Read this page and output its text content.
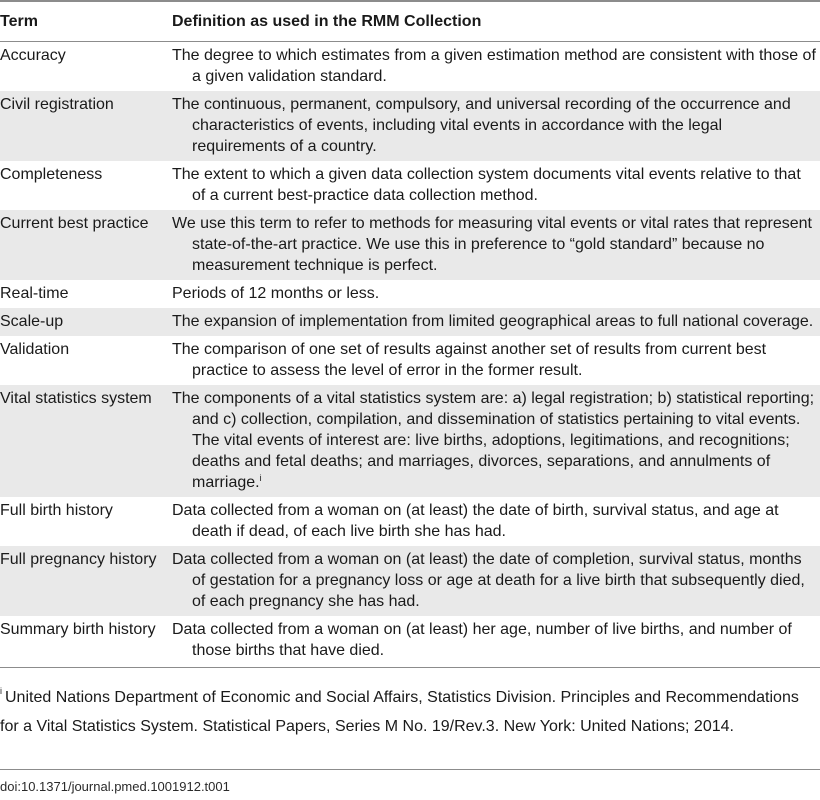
Term	Definition as used in the RMM Collection
Accuracy	The degree to which estimates from a given estimation method are consistent with those of a given validation standard.
Civil registration	The continuous, permanent, compulsory, and universal recording of the occurrence and characteristics of events, including vital events in accordance with the legal requirements of a country.
Completeness	The extent to which a given data collection system documents vital events relative to that of a current best-practice data collection method.
Current best practice	We use this term to refer to methods for measuring vital events or vital rates that represent state-of-the-art practice. We use this in preference to “gold standard” because no measurement technique is perfect.
Real-time	Periods of 12 months or less.
Scale-up	The expansion of implementation from limited geographical areas to full national coverage.
Validation	The comparison of one set of results against another set of results from current best practice to assess the level of error in the former result.
Vital statistics system	The components of a vital statistics system are: a) legal registration; b) statistical reporting; and c) collection, compilation, and dissemination of statistics pertaining to vital events. The vital events of interest are: live births, adoptions, legitimations, and recognitions; deaths and fetal deaths; and marriages, divorces, separations, and annulments of marriage.$^i$
Full birth history	Data collected from a woman on (at least) the date of birth, survival status, and age at death if dead, of each live birth she has had.
Full pregnancy history	Data collected from a woman on (at least) the date of completion, survival status, months of gestation for a pregnancy loss or age at death for a live birth that subsequently died, of each pregnancy she has had.
Summary birth history	Data collected from a woman on (at least) her age, number of live births, and number of those births that have died.
$^i$ United Nations Department of Economic and Social Affairs, Statistics Division. Principles and Recommendations for a Vital Statistics System. Statistical Papers, Series M No. 19/Rev.3. New York: United Nations; 2014.
doi:10.1371/journal.pmed.1001912.t001
